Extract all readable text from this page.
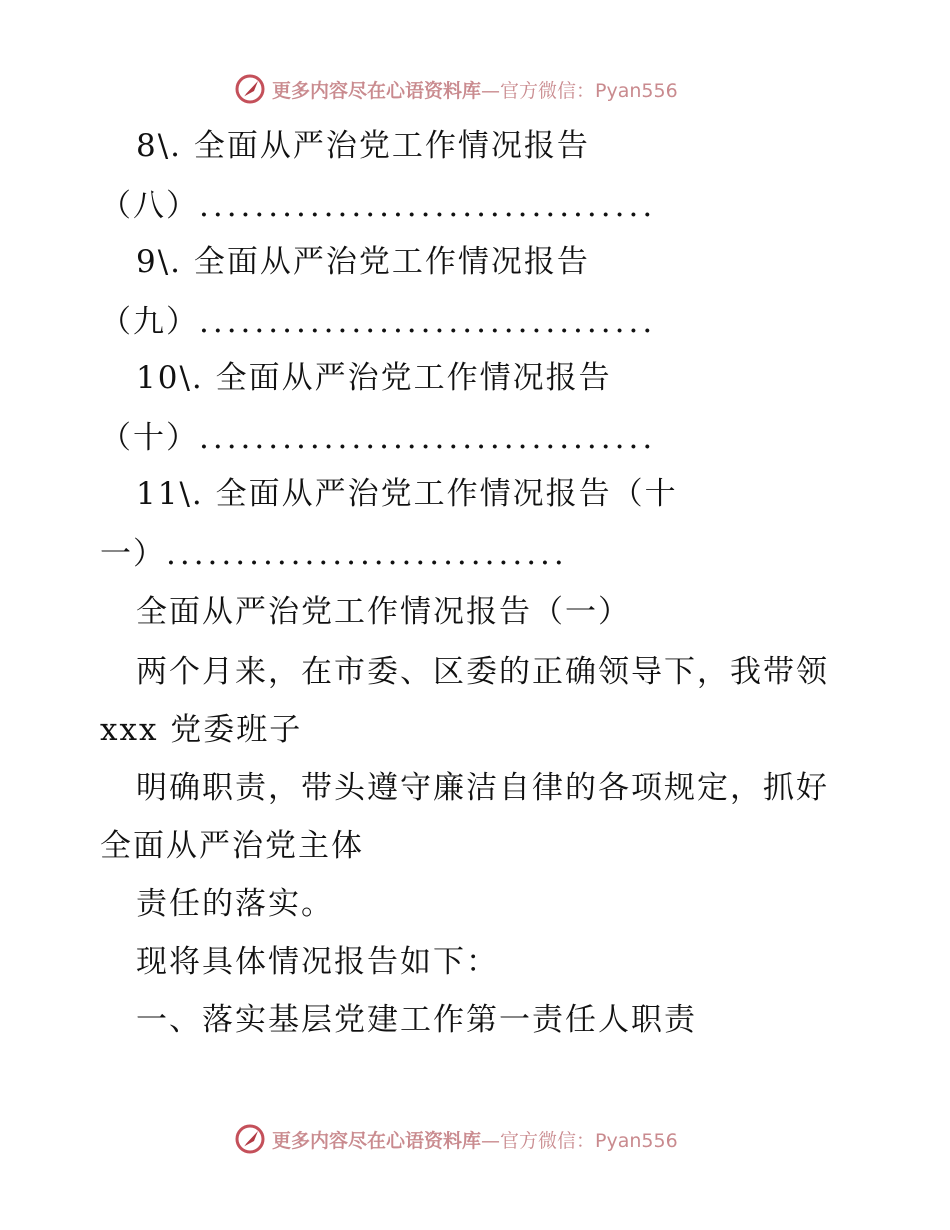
更多内容尽在心语资料库 —官方微信：Pyan556
8\. 全面从严治党工作情况报告
（八）.................................
9\. 全面从严治党工作情况报告
（九）.................................
10\. 全面从严治党工作情况报告
（十）.................................
11\. 全面从严治党工作情况报告（十
一）.............................
全面从严治党工作情况报告（一）
两个月来，在市委、区委的正确领导下，我带领
xxx 党委班子
明确职责，带头遵守廉洁自律的各项规定，抓好
全面从严治党主体
责任的落实。
现将具体情况报告如下：
一、落实基层党建工作第一责任人职责
更多内容尽在心语资料库 —官方微信：Pyan556
